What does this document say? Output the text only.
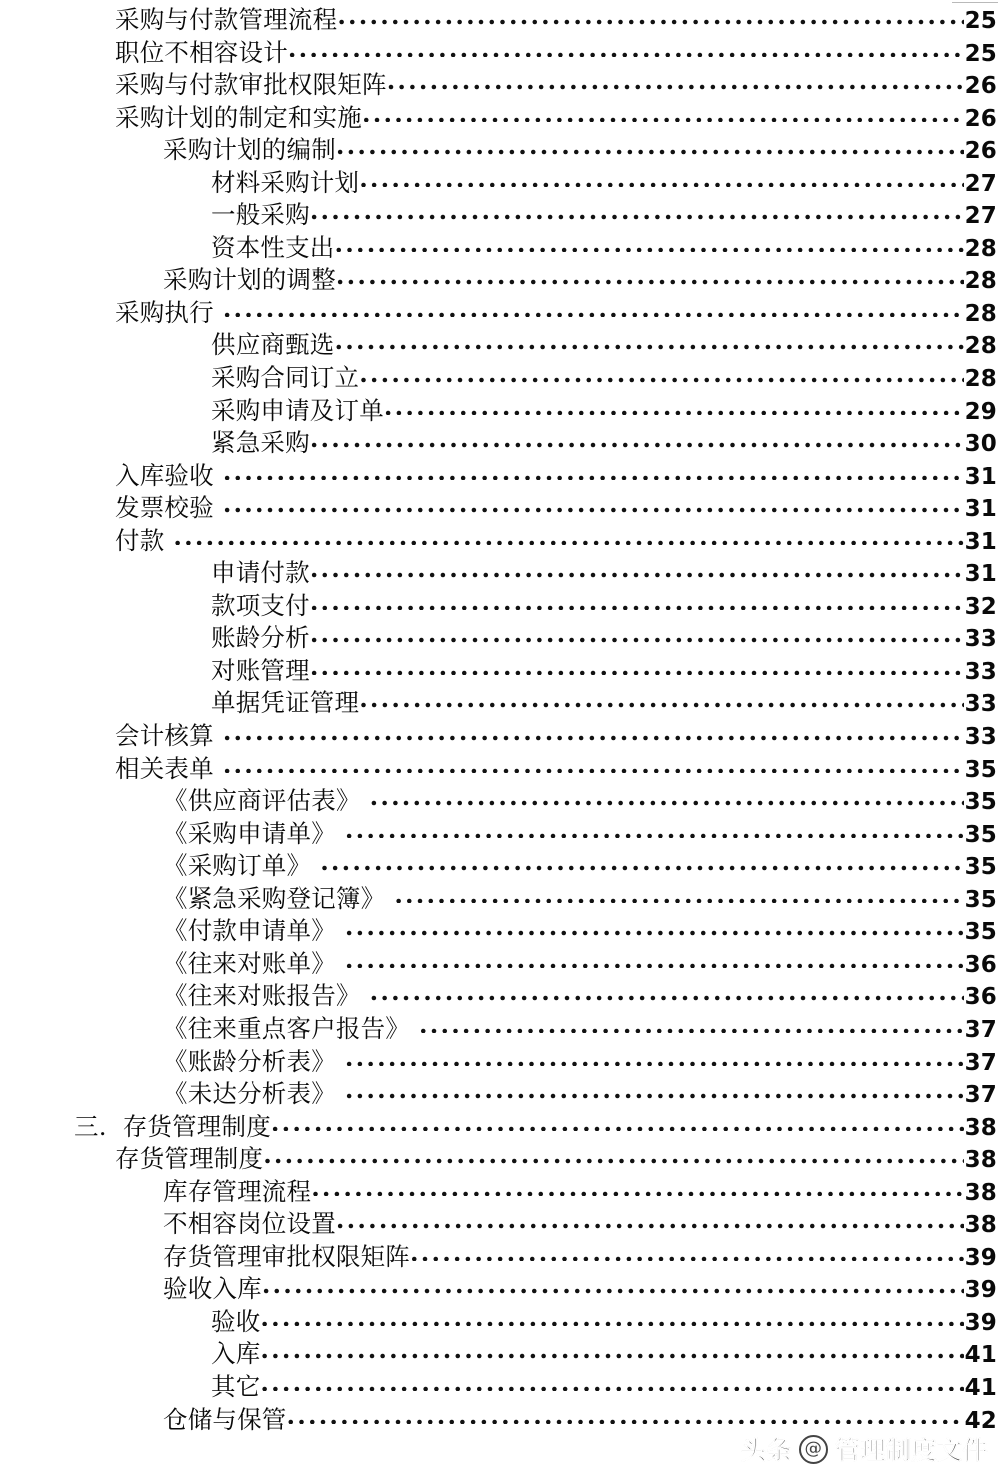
采购与付款管理流程 .....	25
职位不相容设计 .....	25
采购与付款审批权限矩阵 .....	26
采购计划的制定和实施 .....	26
采购计划的编制 .....	26
材料采购计划 .....	27
一般采购 .....	27
资本性支出 .....	28
采购计划的调整 .....	28
采购执行 .....	28
供应商甄选 .....	28
采购合同订立 .....	28
采购申请及订单 .....	29
紧急采购 .....	30
入库验收 .....	31
发票校验 .....	31
付款 .....	31
申请付款 .....	31
款项支付 .....	32
账龄分析 .....	33
对账管理 .....	33
单据凭证管理 .....	33
会计核算 .....	33
相关表单 .....	35
《供应商评估表》 .....	35
《采购申请单》 .....	35
《采购订单》 .....	35
《紧急采购登记簿》 .....	35
《付款申请单》 .....	35
《往来对账单》 .....	36
《往来对账报告》 .....	36
《往来重点客户报告》 .....	37
《账龄分析表》 .....	37
《未达分析表》 .....	37
三. 存货管理制度 .....	38
存货管理制度 .....	38
库存管理流程 .....	38
不相容岗位设置 .....	38
存货管理审批权限矩阵 .....	39
验收入库 .....	39
验收 .....	39
入库 .....	41
其它 .....	41
仓储与保管 .....	42
头条 @ 管理制度文件
